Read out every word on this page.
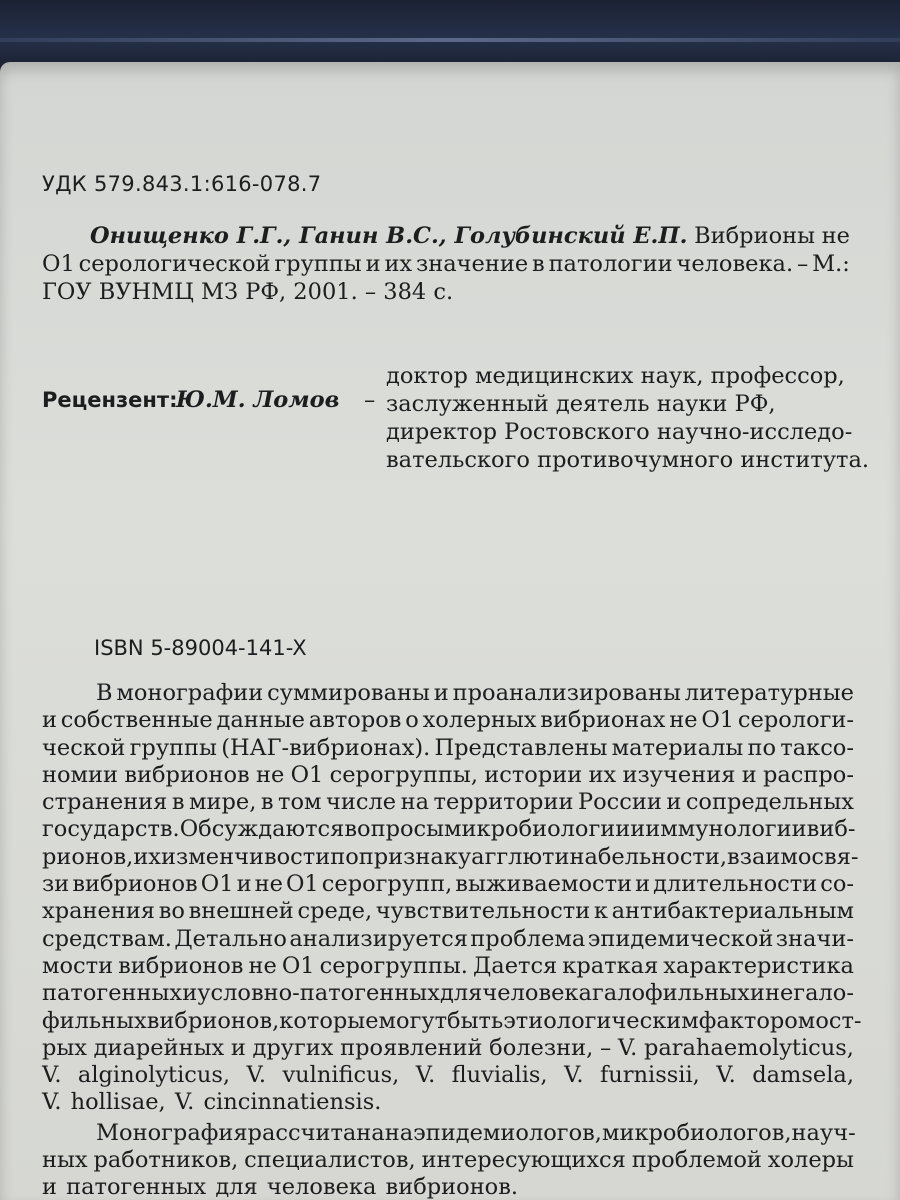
УДК 579.843.1:616-078.7
Онищенко Г.Г., Ганин В.С., Голубинский Е.П. Вибрионы не
О1 серологической группы и их значение в патологии человека. – М.:
ГОУ ВУНМЦ МЗ РФ, 2001. – 384 с.
Рецензент:
Ю.М. Ломов –
доктор медицинских наук, профессор,
заслуженный деятель науки РФ,
директор Ростовского научно-исследо-
вательского противочумного института.
ISBN 5-89004-141-X
В монографии суммированы и проанализированы литературные
и собственные данные авторов о холерных вибрионах не О1 серологи-
ческой группы (НАГ-вибрионах). Представлены материалы по таксо-
номии вибрионов не О1 серогруппы, истории их изучения и распро-
странения в мире, в том числе на территории России и сопредельных
государств. Обсуждаются вопросы микробиологии и иммунологии виб-
рионов, их изменчивости по признаку агглютинабельности, взаимосвя-
зи вибрионов О1 и не О1 серогрупп, выживаемости и длительности со-
хранения во внешней среде, чувствительности к антибактериальным
средствам. Детально анализируется проблема эпидемической значи-
мости вибрионов не О1 серогруппы. Дается краткая характеристика
патогенных и условно-патогенных для человека галофильных и негало-
фильных вибрионов, которые могут быть этиологическим фактором ост-
рых диарейных и других проявлений болезни, – V. parahaemolyticus,
V. alginolyticus, V. vulnificus, V. fluvialis, V. furnissii, V. damsela,
V. hollisae, V. cincinnatiensis.
Монография рассчитана на эпидемиологов, микробиологов, науч-
ных работников, специалистов, интересующихся проблемой холеры
и патогенных для человека вибрионов.
